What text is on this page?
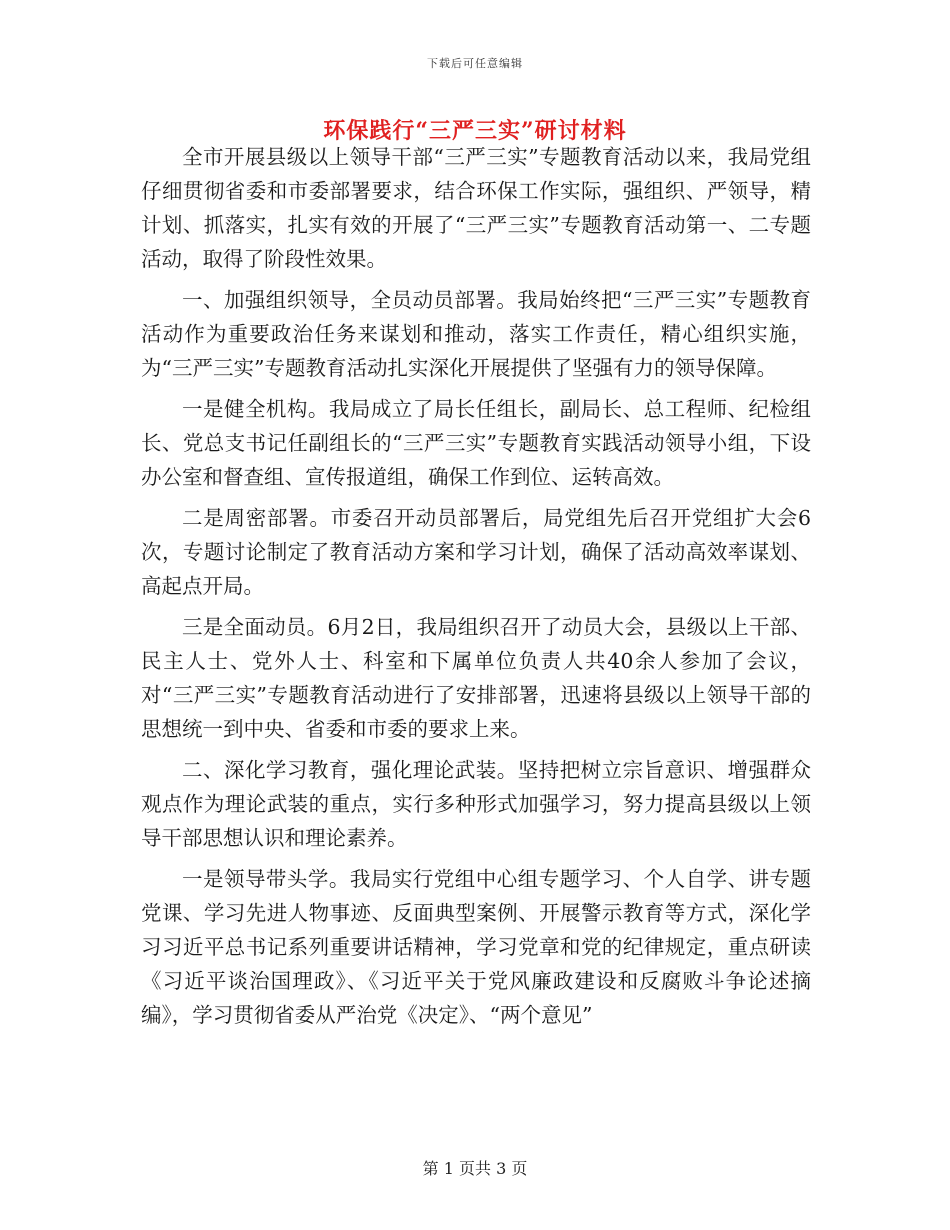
下载后可任意编辑
环保践行“三严三实”研讨材料

全市开展县级以上领导干部“三严三实”专题教育活动以来，我局党组仔细贯彻省委和市委部署要求，结合环保工作实际，强组织、严领导，精计划、抓落实，扎实有效的开展了“三严三实”专题教育活动第一、二专题活动，取得了阶段性效果。

一、加强组织领导，全员动员部署。我局始终把“三严三实”专题教育活动作为重要政治任务来谋划和推动，落实工作责任，精心组织实施，为“三严三实”专题教育活动扎实深化开展提供了坚强有力的领导保障。

一是健全机构。我局成立了局长任组长，副局长、总工程师、纪检组长、党总支书记任副组长的“三严三实”专题教育实践活动领导小组，下设办公室和督查组、宣传报道组，确保工作到位、运转高效。

二是周密部署。市委召开动员部署后，局党组先后召开党组扩大会6次，专题讨论制定了教育活动方案和学习计划，确保了活动高效率谋划、高起点开局。

三是全面动员。6月2日，我局组织召开了动员大会，县级以上干部、民主人士、党外人士、科室和下属单位负责人共40余人参加了会议，对“三严三实”专题教育活动进行了安排部署，迅速将县级以上领导干部的思想统一到中央、省委和市委的要求上来。

二、深化学习教育，强化理论武装。坚持把树立宗旨意识、增强群众观点作为理论武装的重点，实行多种形式加强学习，努力提高县级以上领导干部思想认识和理论素养。

一是领导带头学。我局实行党组中心组专题学习、个人自学、讲专题党课、学习先进人物事迹、反面典型案例、开展警示教育等方式，深化学习习近平总书记系列重要讲话精神，学习党章和党的纪律规定，重点研读《习近平谈治国理政》、《习近平关于党风廉政建设和反腐败斗争论述摘编》，学习贯彻省委从严治党《决定》、“两个意见”

第 1 页共 3 页
